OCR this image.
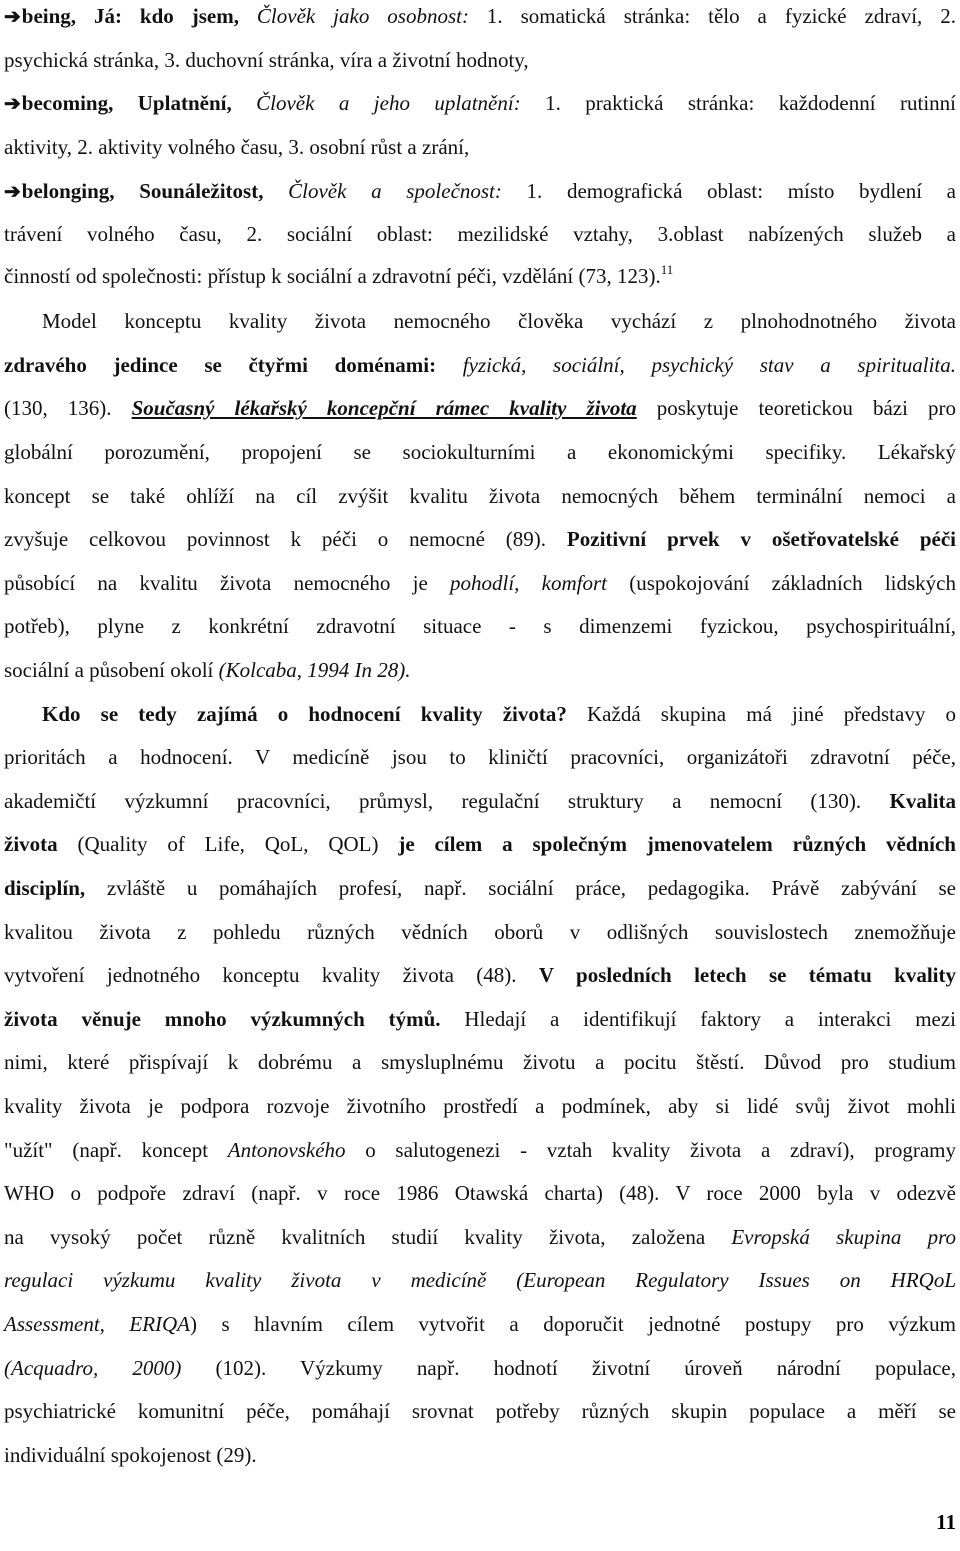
➔being, Já: kdo jsem, Člověk jako osobnost: 1. somatická stránka: tělo a fyzické zdraví, 2.
psychická stránka, 3. duchovní stránka, víra a životní hodnoty,
➔becoming, Uplatnění, Člověk a jeho uplatnění: 1. praktická stránka: každodenní rutinní
aktivity, 2. aktivity volného času, 3. osobní růst a zrání,
➔belonging, Sounáležitost, Člověk a společnost: 1. demografická oblast: místo bydlení a
trávení volného času, 2. sociální oblast: mezilidské vztahy, 3.oblast nabízených služeb a
činností od společnosti: přístup k sociální a zdravotní péči, vzdělání (73, 123).$^{11}$
Model konceptu kvality života nemocného člověka vychází z plnohodnotného života
zdravého jedince se čtyřmi doménami: fyzická, sociální, psychický stav a spiritualita.
(130, 136). Současný lékařský koncepční rámec kvality života poskytuje teoretickou bázi pro
globální porozumění, propojení se sociokulturními a ekonomickými specifiky. Lékařský
koncept se také ohlíží na cíl zvýšit kvalitu života nemocných během terminální nemoci a
zvyšuje celkovou povinnost k péči o nemocné (89). Pozitivní prvek v ošetřovatelské péči
působící na kvalitu života nemocného je pohodlí, komfort (uspokojování základních lidských
potřeb), plyne z konkrétní zdravotní situace - s dimenzemi fyzickou, psychospirituální,
sociální a působení okolí (Kolcaba, 1994 In 28).
Kdo se tedy zajímá o hodnocení kvality života? Každá skupina má jiné představy o
prioritách a hodnocení. V medicíně jsou to kliničtí pracovníci, organizátoři zdravotní péče,
akademičtí výzkumní pracovníci, průmysl, regulační struktury a nemocní (130). Kvalita
života (Quality of Life, QoL, QOL) je cílem a společným jmenovatelem různých vědních
disciplín, zvláště u pomáhajích profesí, např. sociální práce, pedagogika. Právě zabývání se
kvalitou života z pohledu různých vědních oborů v odlišných souvislostech znemožňuje
vytvoření jednotného konceptu kvality života (48). V posledních letech se tématu kvality
života věnuje mnoho výzkumných týmů. Hledají a identifikují faktory a interakci mezi
nimi, které přispívají k dobrému a smysluplnému životu a pocitu štěstí. Důvod pro studium
kvality života je podpora rozvoje životního prostředí a podmínek, aby si lidé svůj život mohli
"užít" (např. koncept Antonovského o salutogenezi - vztah kvality života a zdraví), programy
WHO o podpoře zdraví (např. v roce 1986 Otawská charta) (48). V roce 2000 byla v odezvě
na vysoký počet různě kvalitních studií kvality života, založena Evropská skupina pro
regulaci výzkumu kvality života v medicíně (European Regulatory Issues on HRQoL
Assessment, ERIQA) s hlavním cílem vytvořit a doporučit jednotné postupy pro výzkum
(Acquadro, 2000) (102). Výzkumy např. hodnotí životní úroveň národní populace,
psychiatrické komunitní péče, pomáhají srovnat potřeby různých skupin populace a měří se
individuální spokojenost (29).
11
